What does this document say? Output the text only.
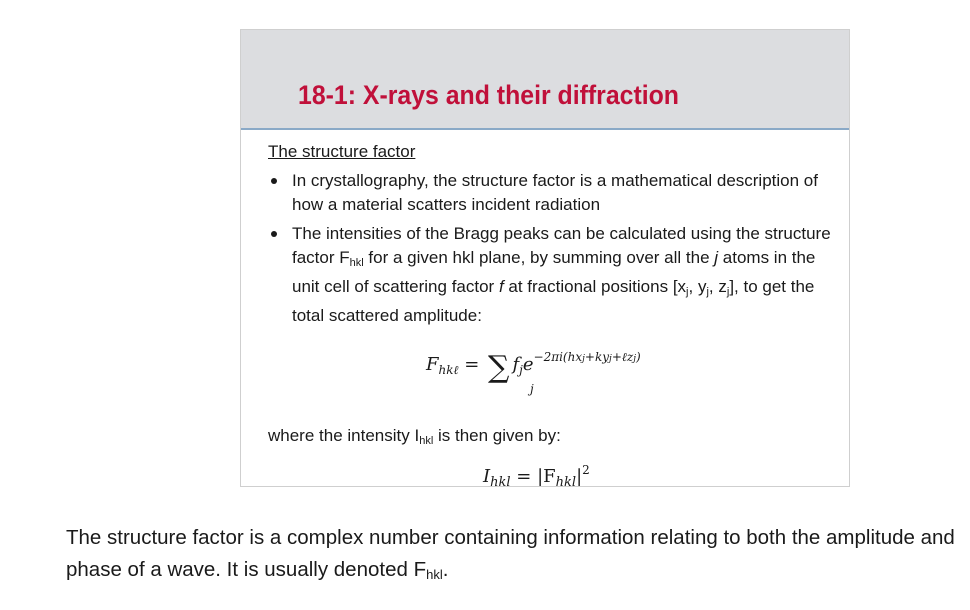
18-1: X-rays and their diffraction
The structure factor
In crystallography, the structure factor is a mathematical description of how a material scatters incident radiation
The intensities of the Bragg peaks can be calculated using the structure factor $F_{hkl}$ for a given hkl plane, by summing over all the j atoms in the unit cell of scattering factor f at fractional positions [$x_j$, $y_j$, $z_j$], to get the total scattered amplitude:
$F_{hk\ell}$ = ∑
j
$f_je^{-2\pi i(hxj+kyj+\ell zj)}$
where the intensity $I_{hkl}$ is then given by:
$I_{hkl} = |F_{hkl}|^2$
The structure factor is a complex number containing information relating to both the amplitude and phase of a wave. It is usually denoted $F_{hkl}$.
